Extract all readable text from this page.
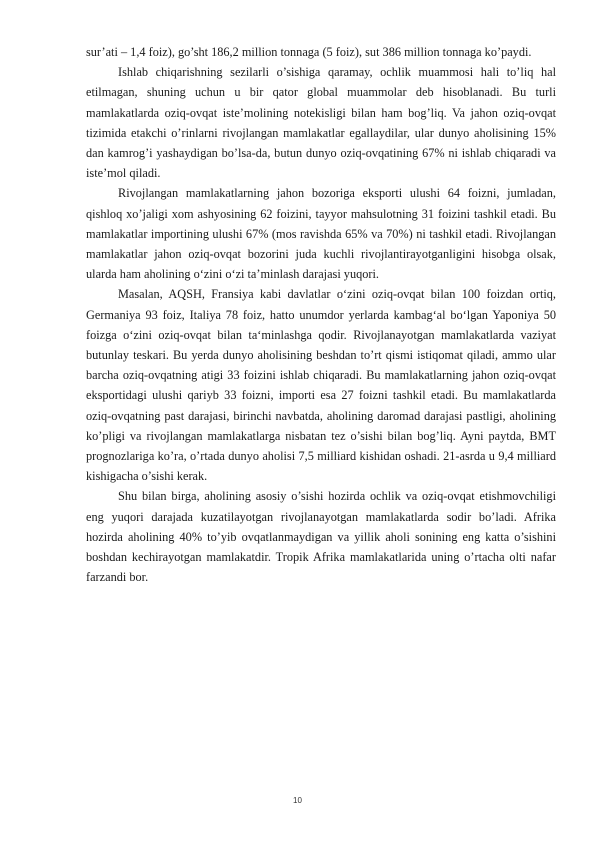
sur’ati – 1,4 foiz), go’sht 186,2 million tonnaga (5 foiz), sut 386 million tonnaga ko’paydi.

Ishlab chiqarishning sezilarli o’sishiga qaramay, ochlik muammosi hali to’liq hal etilmagan, shuning uchun u bir qator global muammolar deb hisoblanadi. Bu turli mamlakatlarda oziq-ovqat iste’molining notekisligi bilan ham bog’liq. Va jahon oziq-ovqat tizimida etakchi o’rinlarni rivojlangan mamlakatlar egallaydilar, ular dunyo aholisining 15% dan kamrog’i yashaydigan bo’lsa-da, butun dunyo oziq-ovqatining 67% ni ishlab chiqaradi va iste’mol qiladi.

Rivojlangan mamlakatlarning jahon bozoriga eksporti ulushi 64 foizni, jumladan, qishloq xo’jaligi xom ashyosining 62 foizini, tayyor mahsulotning 31 foizini tashkil etadi. Bu mamlakatlar importining ulushi 67% (mos ravishda 65% va 70%) ni tashkil etadi. Rivojlangan mamlakatlar jahon oziq-ovqat bozorini juda kuchli rivojlantirayotganligini hisobga olsak, ularda ham aholining o‘zini o‘zi ta’minlash darajasi yuqori.

Masalan, AQSH, Fransiya kabi davlatlar o‘zini oziq-ovqat bilan 100 foizdan ortiq, Germaniya 93 foiz, Italiya 78 foiz, hatto unumdor yerlarda kambag‘al bo‘lgan Yaponiya 50 foizga o‘zini oziq-ovqat bilan ta‘minlashga qodir. Rivojlanayotgan mamlakatlarda vaziyat butunlay teskari. Bu yerda dunyo aholisining beshdan to’rt qismi istiqomat qiladi, ammo ular barcha oziq-ovqatning atigi 33 foizini ishlab chiqaradi. Bu mamlakatlarning jahon oziq-ovqat eksportidagi ulushi qariyb 33 foizni, importi esa 27 foizni tashkil etadi. Bu mamlakatlarda oziq-ovqatning past darajasi, birinchi navbatda, aholining daromad darajasi pastligi, aholining ko’pligi va rivojlangan mamlakatlarga nisbatan tez o’sishi bilan bog’liq. Ayni paytda, BMT prognozlariga ko’ra, o’rtada dunyo aholisi 7,5 milliard kishidan oshadi. 21-asrda u 9,4 milliard kishigacha o’sishi kerak.

Shu bilan birga, aholining asosiy o’sishi hozirda ochlik va oziq-ovqat etishmovchiligi eng yuqori darajada kuzatilayotgan rivojlanayotgan mamlakatlarda sodir bo’ladi. Afrika hozirda aholining 40% to’yib ovqatlanmaydigan va yillik aholi sonining eng katta o’sishini boshdan kechirayotgan mamlakatdir. Tropik Afrika mamlakatlarida uning o’rtacha olti nafar farzandi bor.

10
